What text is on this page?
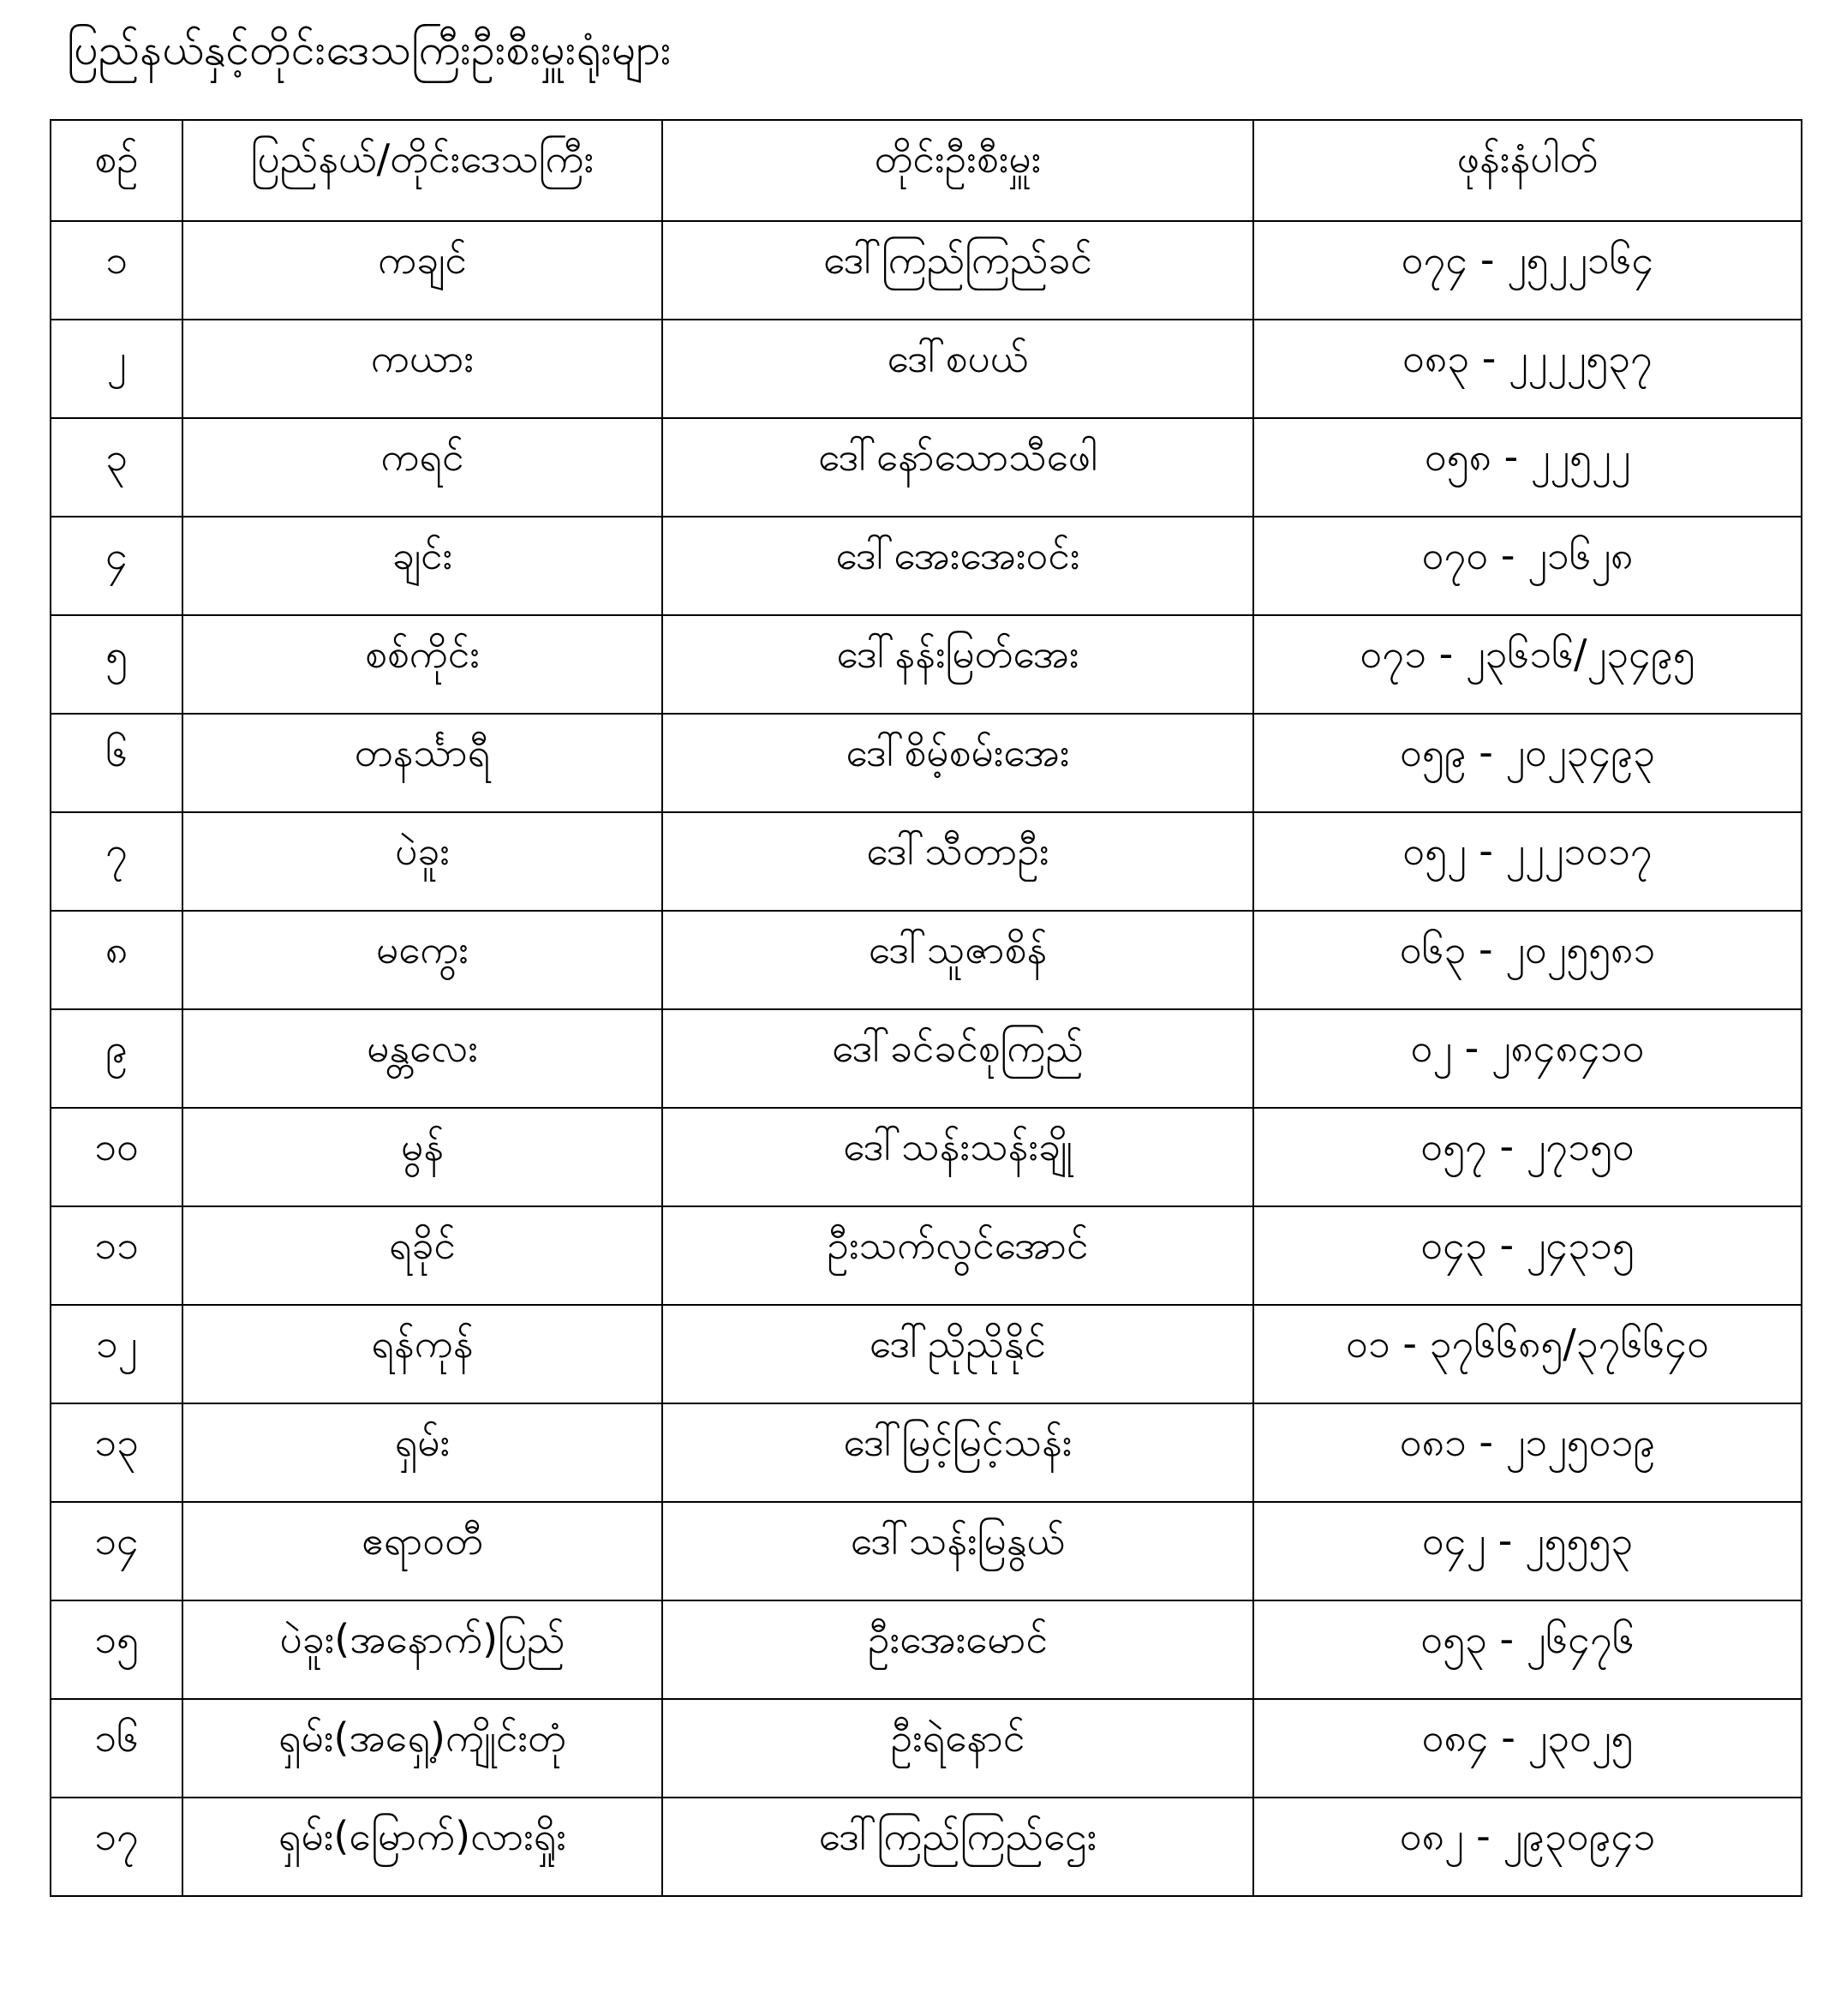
ပြည်နယ်နှင့်တိုင်းဒေသကြီးဦးစီးမှူးရုံးများ
စဉ်	ပြည်နယ်/တိုင်းဒေသကြီး	တိုင်းဦးစီးမှူး	ဖုန်းနံပါတ်
၁	ကချင်	ဒေါ်ကြည်ကြည်ခင်	၀၇၄ - ၂၅၂၂၁၆၄
၂	ကယား	ဒေါ်စပယ်	၀၈၃ - ၂၂၂၂၅၃၇
၃	ကရင်	ဒေါ်နော်သောသီဖေါ	၀၅၈ - ၂၂၅၂၂
၄	ချင်း	ဒေါ်အေးအေးဝင်း	၀၇၀ - ၂၁၆၂၈
၅	စစ်ကိုင်း	ဒေါ်နန်းမြတ်အေး	၀၇၁ - ၂၃၆၁၆/၂၃၄၉၅
၆	တနင်္သာရီ	ဒေါ်စိမ့်စမ်းအေး	၀၅၉ - ၂၀၂၃၄၉၃
၇	ပဲခူး	ဒေါ်သီတာဦး	၀၅၂ - ၂၂၂၁၀၁၇
၈	မကွေး	ဒေါ်သူဇာစိန်	၀၆၃ - ၂၀၂၅၅၈၁
၉	မန္တလေး	ဒေါ်ခင်ခင်စုကြည်	၀၂ - ၂၈၄၈၄၁၀
၁၀	မွန်	ဒေါ်သန်းသန်းချို	၀၅၇ - ၂၇၁၅၀
၁၁	ရခိုင်	ဦးသက်လွင်အောင်	၀၄၃ - ၂၄၃၁၅
၁၂	ရန်ကုန်	ဒေါ်ညိုညိုနိုင်	၀၁ - ၃၇၆၆၈၅/၃၇၆၆၄၀
၁၃	ရှမ်း	ဒေါ်မြင့်မြင့်သန်း	၀၈၁ - ၂၁၂၅၀၁၉
၁၄	ဧရာဝတီ	ဒေါ်သန်းမြနွယ်	၀၄၂ - ၂၅၅၅၃
၁၅	ပဲခူး(အနောက်)ပြည်	ဦးအေးမောင်	၀၅၃ - ၂၆၄၇၆
၁၆	ရှမ်း(အရှေ့)ကျိုင်းတုံ	ဦးရဲနောင်	၀၈၄ - ၂၃၀၂၅
၁၇	ရှမ်း(မြောက်)လားရှိုး	ဒေါ်ကြည်ကြည်ဌေး	၀၈၂ - ၂၉၃၀၉၄၁
